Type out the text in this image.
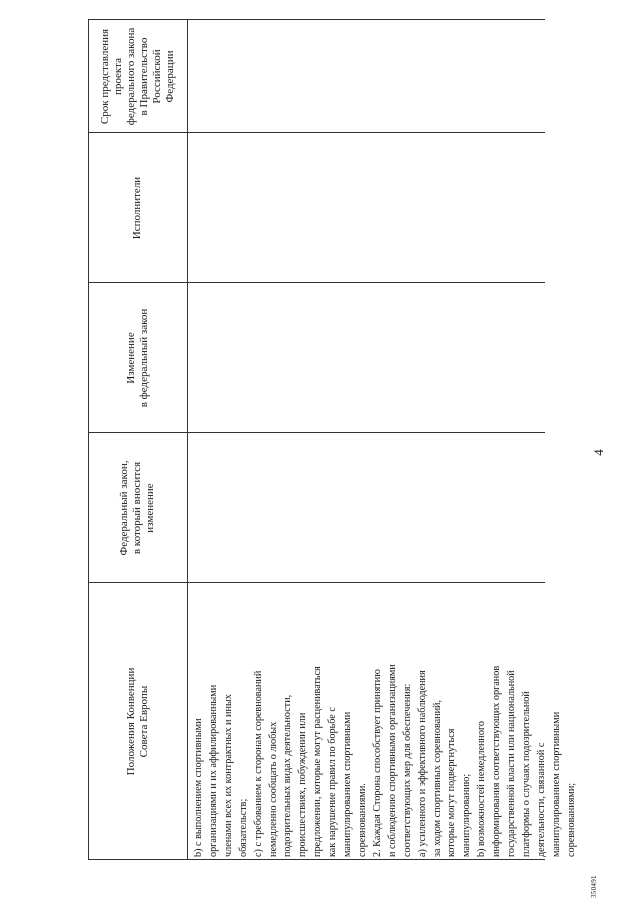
4
Положения Конвенции Совета Европы
Федеральный закон, в который вносится изменение
Изменение в федеральный закон
Исполнители
Срок представления проекта федерального закона в Правительство Российской Федерации
b) с выполнением спортивными организациями и их аффилированными членами всех их контрактных и иных обязательств; с) с требованием к сторонам соревнований немедленно сообщать о любых подозрительных видах деятельности, происшествиях, побуждении или предложении, которые могут расцениваться как нарушение правил по борьбе с манипулированием спортивными соревнованиями. 2. Каждая Сторона способствует принятию и соблюдению спортивными организациями соответствующих мер для обеспечения: а) усиленного и эффективного наблюдения за ходом спортивных соревнований, которые могут подвергнуться манипулированию; b) возможностей немедленного информирования соответствующих органов государственной власти или национальной платформы о случаях подозрительной деятельности, связанной с манипулированием спортивными соревнованиями;
350491
